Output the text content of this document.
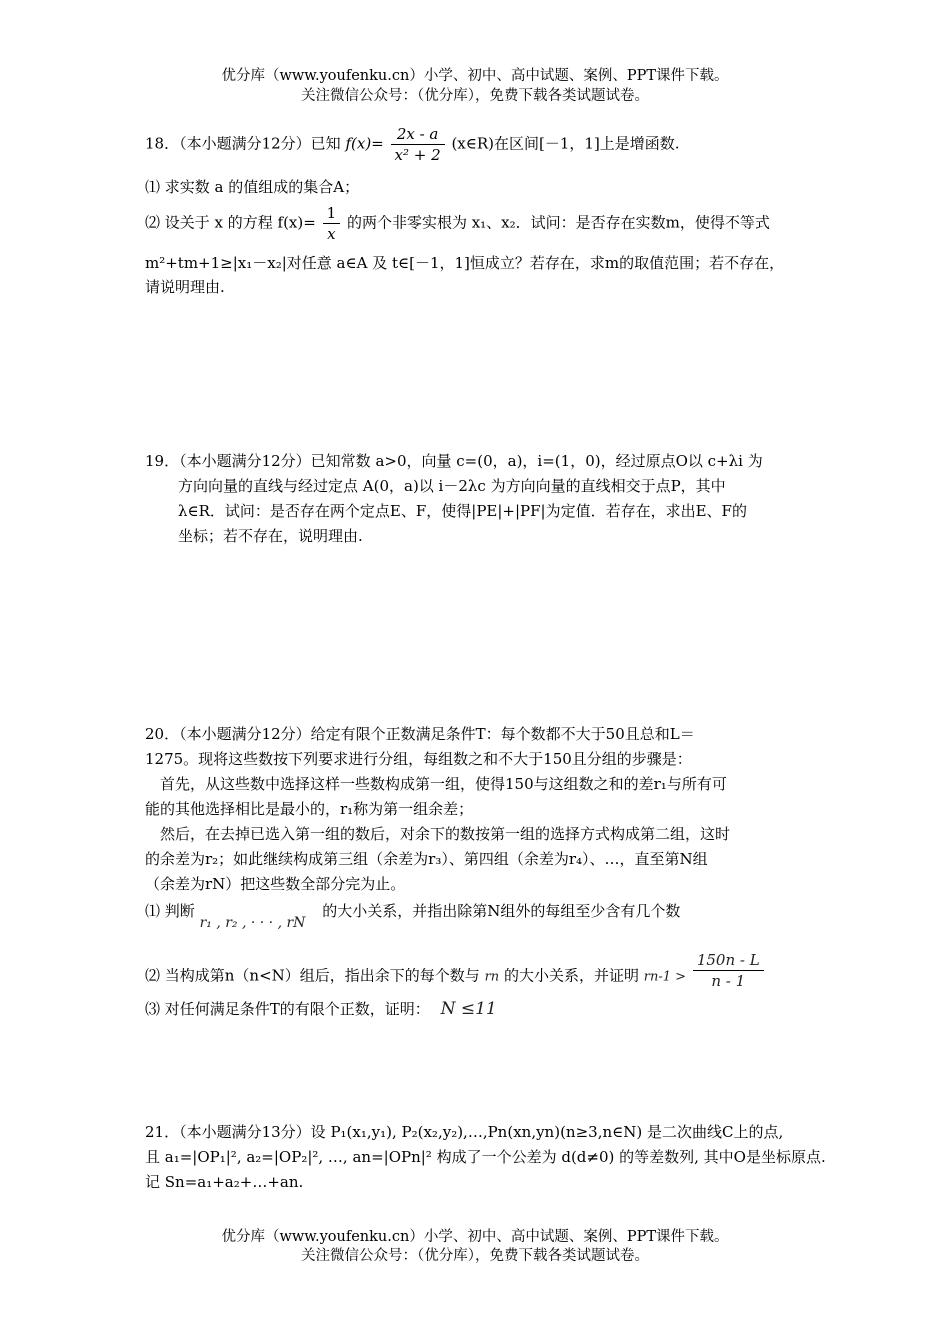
优分库（www.youfenku.cn）小学、初中、高中试题、案例、PPT课件下载。
关注微信公众号：（优分库），免费下载各类试题试卷。
18．（本小题满分12分）已知 $f(x)= \frac{2x - a}{\text{x² + 2}}$ (x∈R)在区间[－1，1]上是增函数.
⑴ 求实数 a 的值组成的集合A；
⑵ 设关于 x 的方程 $f(x)= \frac{1}{x}$ 的两个非零实根为 x₁、x₂．试问：是否存在实数m，使得不等式
m²+tm+1≥|x₁－x₂|对任意 a∈A 及 t∈[－1，1]恒成立？若存在，求m的取值范围；若不存在，
请说明理由.
19．（本小题满分12分）已知常数 a>0，向量 c=(0，a)，i=(1，0)，经过原点O以 c+λi 为
方向向量的直线与经过定点 A(0，a)以 i－2λc 为方向向量的直线相交于点P，其中
λ∈R．试问：是否存在两个定点E、F，使得|PE|+|PF|为定值．若存在，求出E、F的
坐标；若不存在，说明理由.
20．（本小题满分12分）给定有限个正数满足条件T：每个数都不大于50且总和L＝
1275。现将这些数按下列要求进行分组，每组数之和不大于150且分组的步骤是：
首先，从这些数中选择这样一些数构成第一组，使得150与这组数之和的差r₁与所有可
能的其他选择相比是最小的，r₁称为第一组余差；
然后，在去掉已选入第一组的数后，对余下的数按第一组的选择方式构成第二组，这时
的余差为r₂；如此继续构成第三组（余差为r₃）、第四组（余差为r₄）、…，直至第N组
（余差为rN）把这些数全部分完为止。
⑴ 判断 r₁ , r₂ , · · · , rN 的大小关系，并指出除第N组外的每组至少含有几个数
⑵ 当构成第n（n<N）组后，指出余下的每个数与 rn 的大小关系，并证明 $rn-1 > \frac{150n - L}{n - 1}$
⑶ 对任何满足条件T的有限个正数，证明： N ≤11
21．（本小题满分13分）设 P₁(x₁,y₁), P₂(x₂,y₂),…,Pn(xn,yn)(n≥3,n∈N) 是二次曲线C上的点,
且 a₁=|OP₁|², a₂=|OP₂|², …, an=|OPn|² 构成了一个公差为 d(d≠0) 的等差数列, 其中O是坐标原点.
记 Sn=a₁+a₂+…+an.
优分库（www.youfenku.cn）小学、初中、高中试题、案例、PPT课件下载。
关注微信公众号：（优分库），免费下载各类试题试卷。
